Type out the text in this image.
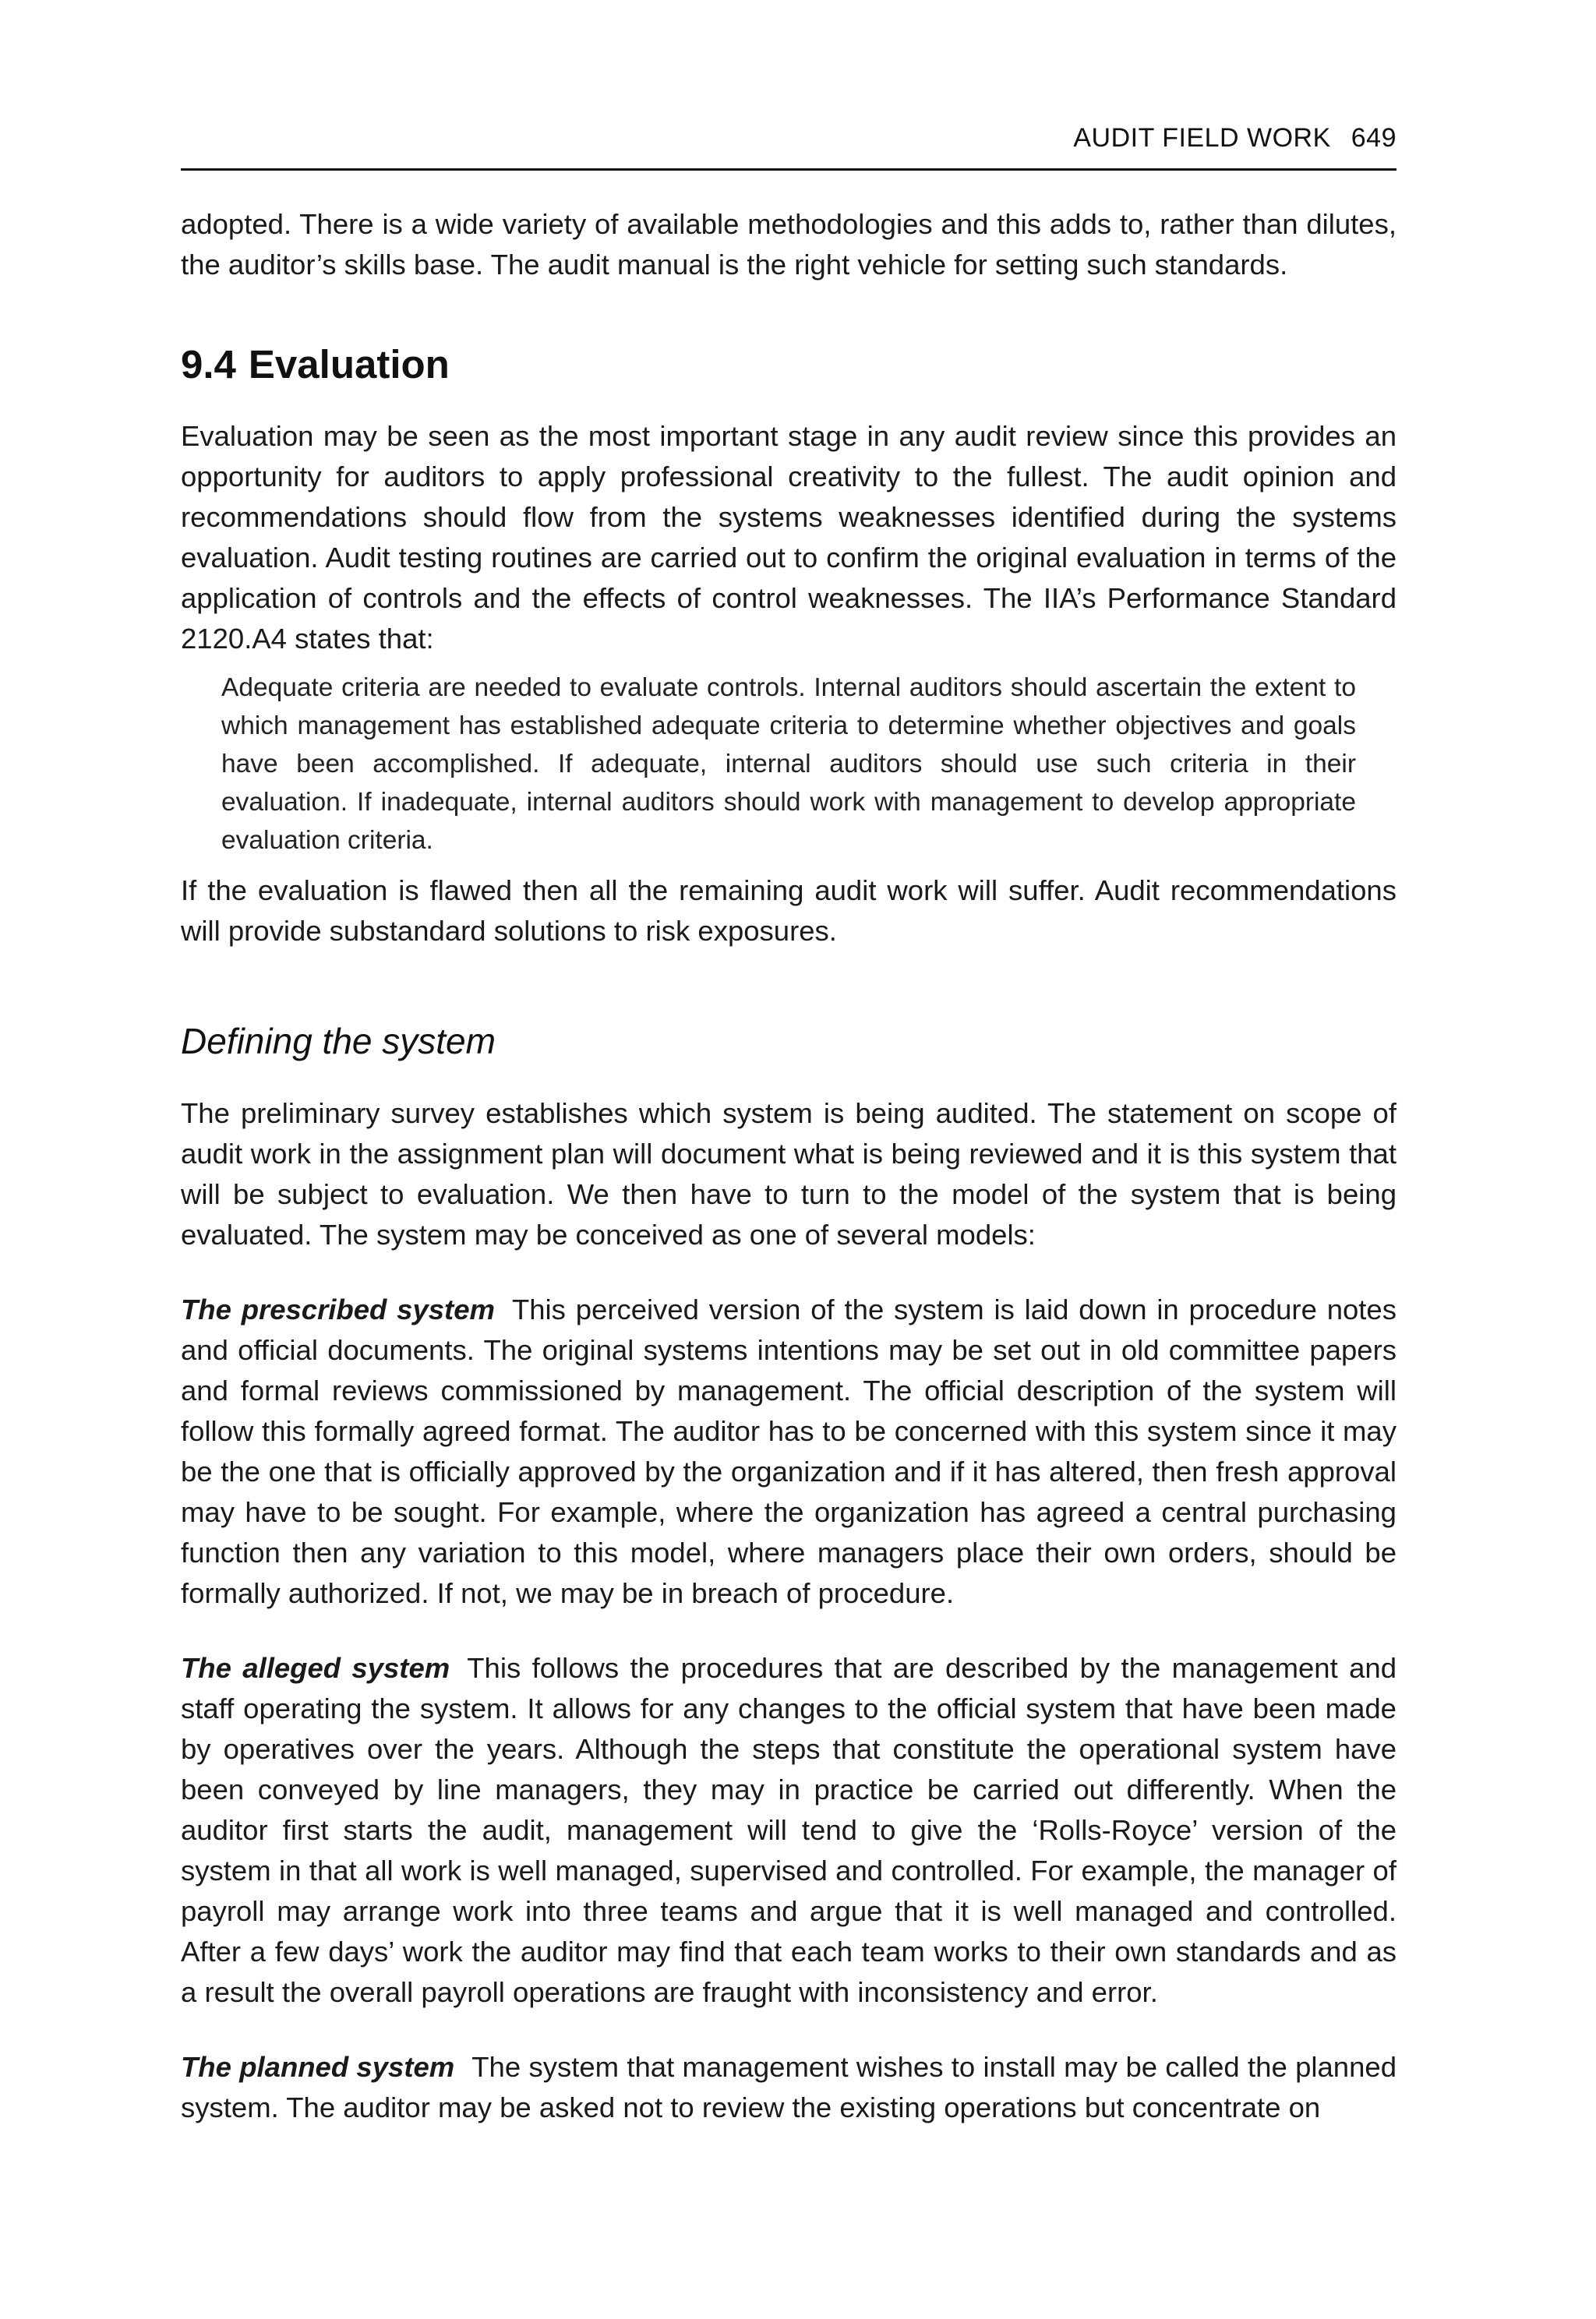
AUDIT FIELD WORK 649

adopted. There is a wide variety of available methodologies and this adds to, rather than dilutes, the auditor’s skills base. The audit manual is the right vehicle for setting such standards.

9.4 Evaluation

Evaluation may be seen as the most important stage in any audit review since this provides an opportunity for auditors to apply professional creativity to the fullest. The audit opinion and recommendations should flow from the systems weaknesses identified during the systems evaluation. Audit testing routines are carried out to confirm the original evaluation in terms of the application of controls and the effects of control weaknesses. The IIA’s Performance Standard 2120.A4 states that:

Adequate criteria are needed to evaluate controls. Internal auditors should ascertain the extent to which management has established adequate criteria to determine whether objectives and goals have been accomplished. If adequate, internal auditors should use such criteria in their evaluation. If inadequate, internal auditors should work with management to develop appropriate evaluation criteria.

If the evaluation is flawed then all the remaining audit work will suffer. Audit recommendations will provide substandard solutions to risk exposures.

Defining the system

The preliminary survey establishes which system is being audited. The statement on scope of audit work in the assignment plan will document what is being reviewed and it is this system that will be subject to evaluation. We then have to turn to the model of the system that is being evaluated. The system may be conceived as one of several models:

The prescribed system This perceived version of the system is laid down in procedure notes and official documents. The original systems intentions may be set out in old committee papers and formal reviews commissioned by management. The official description of the system will follow this formally agreed format. The auditor has to be concerned with this system since it may be the one that is officially approved by the organization and if it has altered, then fresh approval may have to be sought. For example, where the organization has agreed a central purchasing function then any variation to this model, where managers place their own orders, should be formally authorized. If not, we may be in breach of procedure.

The alleged system This follows the procedures that are described by the management and staff operating the system. It allows for any changes to the official system that have been made by operatives over the years. Although the steps that constitute the operational system have been conveyed by line managers, they may in practice be carried out differently. When the auditor first starts the audit, management will tend to give the ‘Rolls-Royce’ version of the system in that all work is well managed, supervised and controlled. For example, the manager of payroll may arrange work into three teams and argue that it is well managed and controlled. After a few days’ work the auditor may find that each team works to their own standards and as a result the overall payroll operations are fraught with inconsistency and error.

The planned system The system that management wishes to install may be called the planned system. The auditor may be asked not to review the existing operations but concentrate on
